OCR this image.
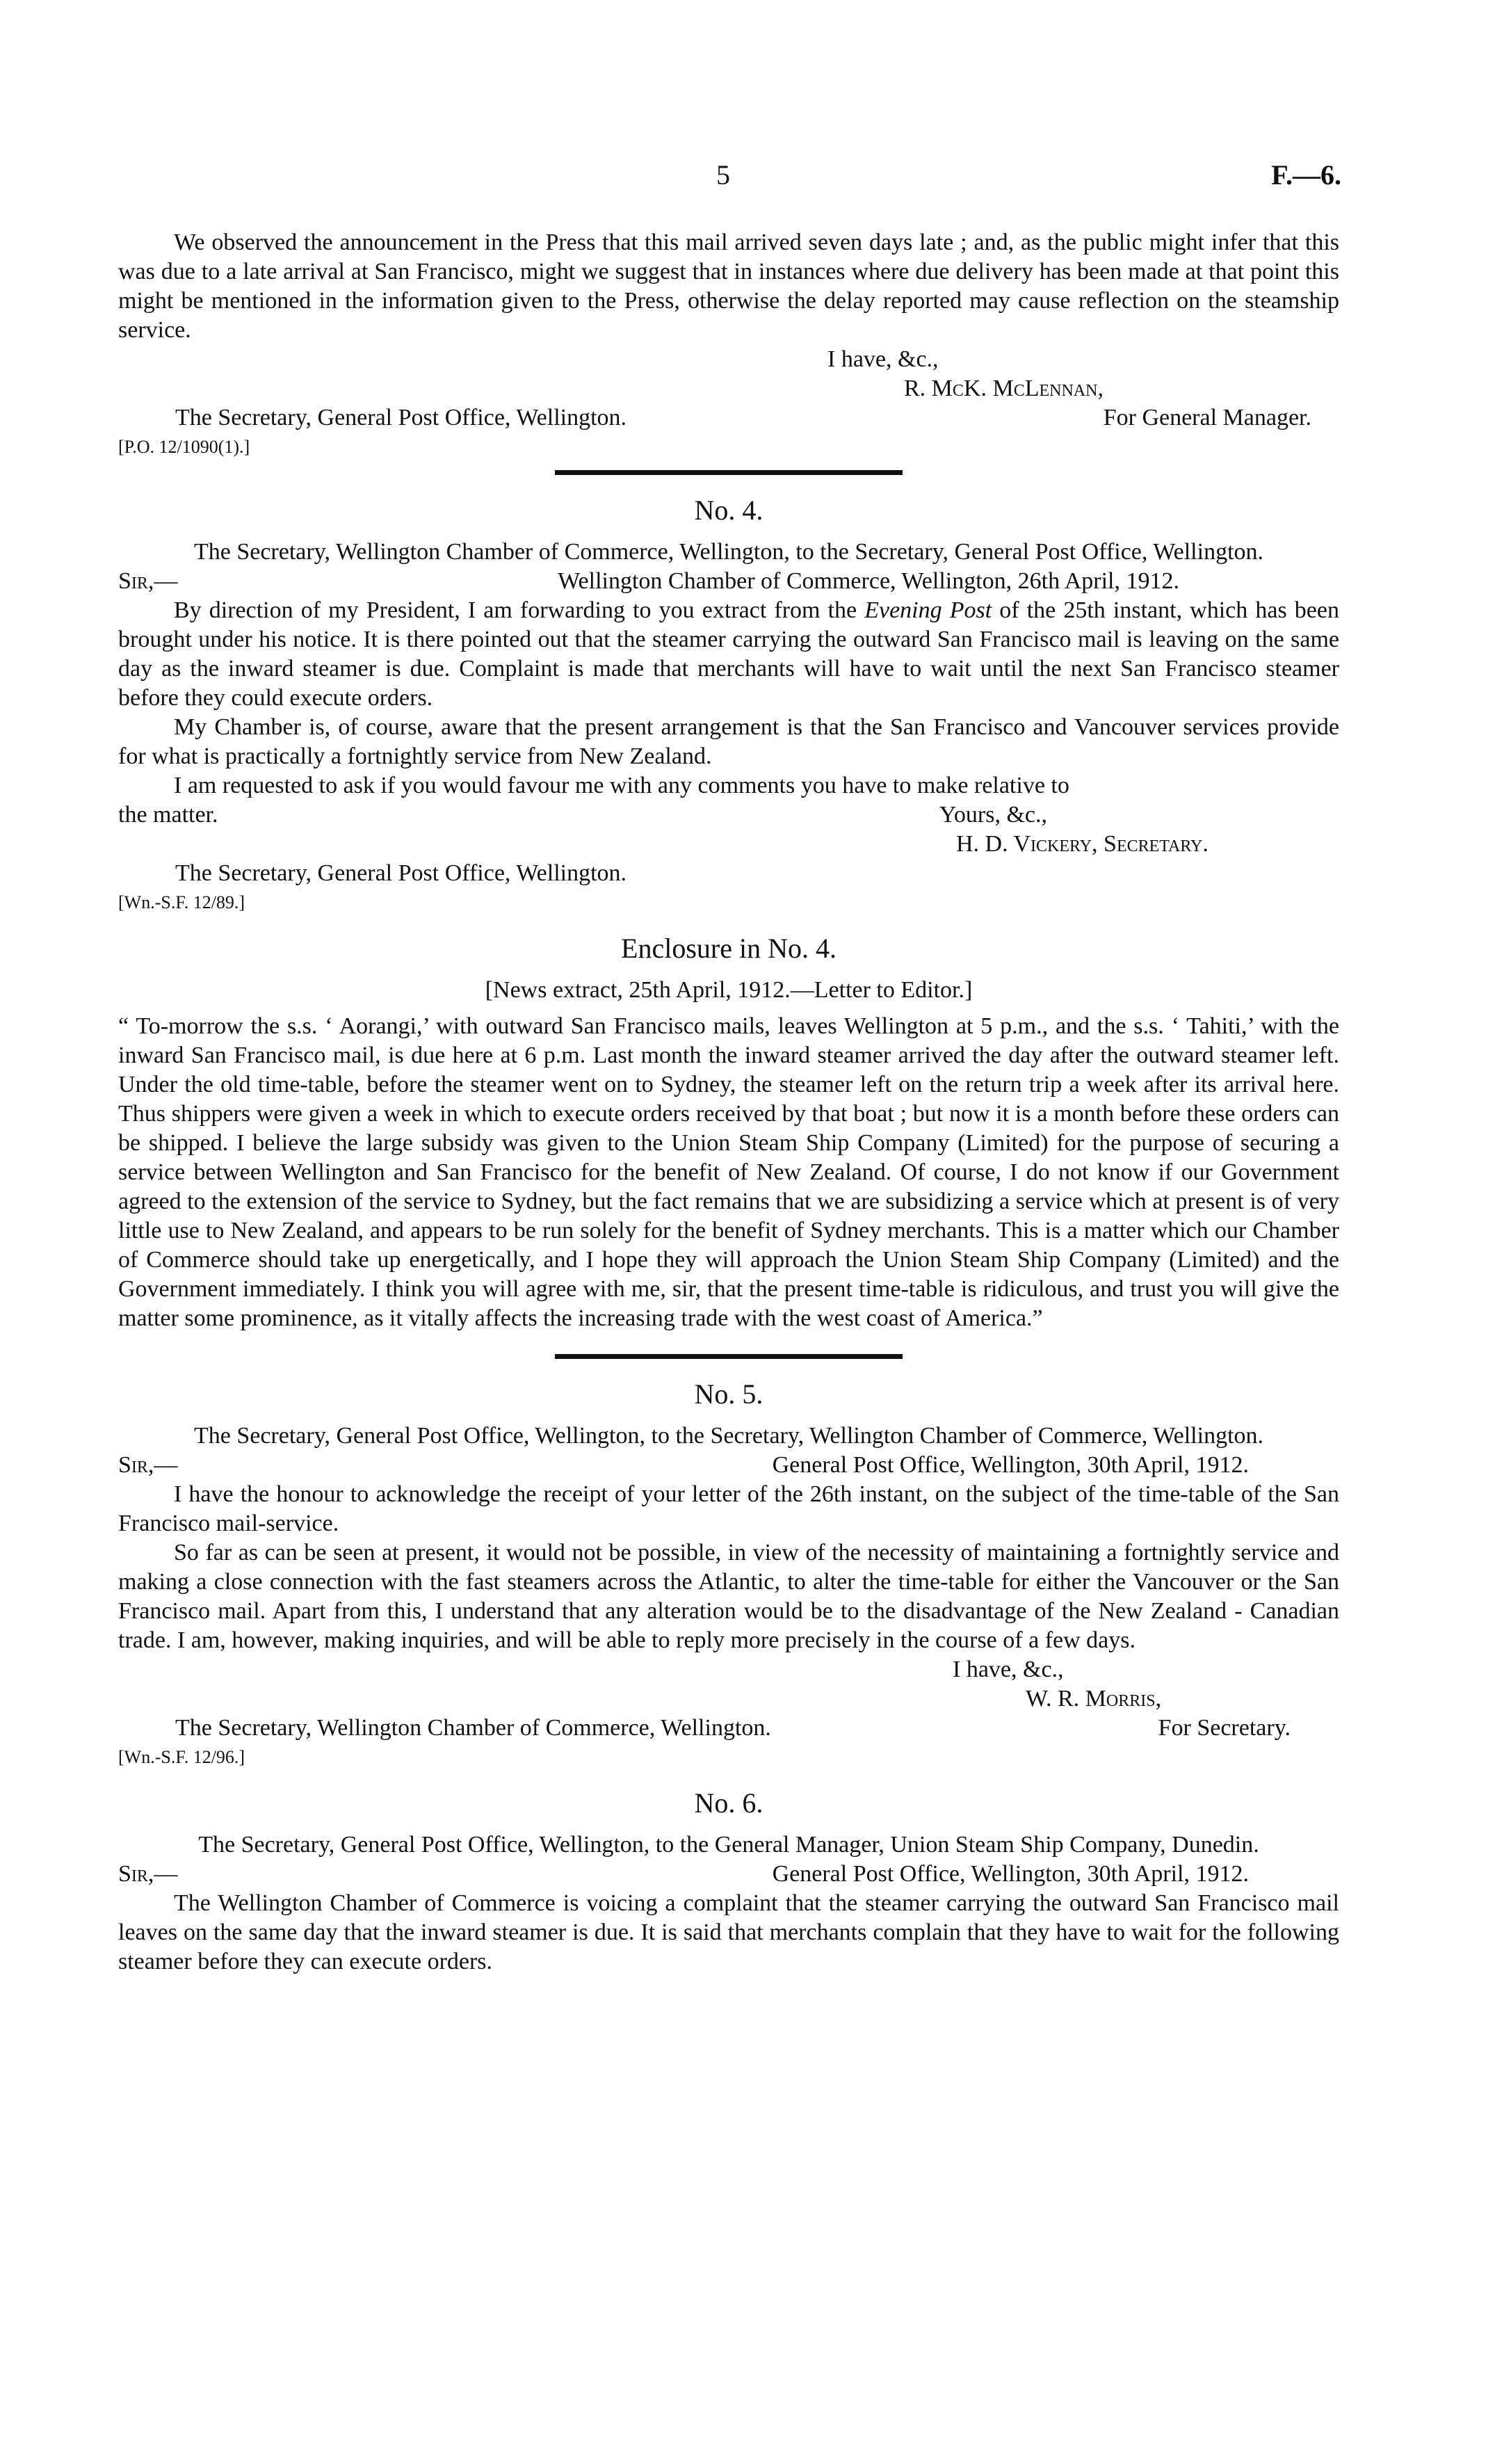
5	F.—6.

We observed the announcement in the Press that this mail arrived seven days late ; and, as the public might infer that this was due to a late arrival at San Francisco, might we suggest that in instances where due delivery has been made at that point this might be mentioned in the information given to the Press, otherwise the delay reported may cause reflection on the steamship service.

I have, &c.,
R. McK. McLennan,
The Secretary, General Post Office, Wellington.	For General Manager.

[P.O. 12/1090(1).]

No. 4.

The Secretary, Wellington Chamber of Commerce, Wellington, to the Secretary, General Post Office, Wellington.

Sir,—	Wellington Chamber of Commerce, Wellington, 26th April, 1912.

By direction of my President, I am forwarding to you extract from the Evening Post of the 25th instant, which has been brought under his notice. It is there pointed out that the steamer carrying the outward San Francisco mail is leaving on the same day as the inward steamer is due. Complaint is made that merchants will have to wait until the next San Francisco steamer before they could execute orders.

My Chamber is, of course, aware that the present arrangement is that the San Francisco and Vancouver services provide for what is practically a fortnightly service from New Zealand.

I am requested to ask if you would favour me with any comments you have to make relative to

the matter.	Yours, &c.,
H. D. Vickery, Secretary.
The Secretary, General Post Office, Wellington.

[Wn.-S.F. 12/89.]

Enclosure in No. 4.
[News extract, 25th April, 1912.—Letter to Editor.]

“ To-morrow the s.s. ‘ Aorangi,’ with outward San Francisco mails, leaves Wellington at 5 p.m., and the s.s. ‘ Tahiti,’ with the inward San Francisco mail, is due here at 6 p.m. Last month the inward steamer arrived the day after the outward steamer left. Under the old time-table, before the steamer went on to Sydney, the steamer left on the return trip a week after its arrival here. Thus shippers were given a week in which to execute orders received by that boat ; but now it is a month before these orders can be shipped. I believe the large subsidy was given to the Union Steam Ship Company (Limited) for the purpose of securing a service between Wellington and San Francisco for the benefit of New Zealand. Of course, I do not know if our Government agreed to the extension of the service to Sydney, but the fact remains that we are subsidizing a service which at present is of very little use to New Zealand, and appears to be run solely for the benefit of Sydney merchants. This is a matter which our Chamber of Commerce should take up energetically, and I hope they will approach the Union Steam Ship Company (Limited) and the Government immediately. I think you will agree with me, sir, that the present time-table is ridiculous, and trust you will give the matter some prominence, as it vitally affects the increasing trade with the west coast of America.”

No. 5.

The Secretary, General Post Office, Wellington, to the Secretary, Wellington Chamber of Commerce, Wellington.

Sir,—	General Post Office, Wellington, 30th April, 1912.

I have the honour to acknowledge the receipt of your letter of the 26th instant, on the subject of the time-table of the San Francisco mail-service.

So far as can be seen at present, it would not be possible, in view of the necessity of maintaining a fortnightly service and making a close connection with the fast steamers across the Atlantic, to alter the time-table for either the Vancouver or the San Francisco mail. Apart from this, I understand that any alteration would be to the disadvantage of the New Zealand - Canadian trade. I am, however, making inquiries, and will be able to reply more precisely in the course of a few days.

I have, &c.,
W. R. Morris,
The Secretary, Wellington Chamber of Commerce, Wellington.	For Secretary.

[Wn.-S.F. 12/96.]

No. 6.

The Secretary, General Post Office, Wellington, to the General Manager, Union Steam Ship Company, Dunedin.

Sir,—	General Post Office, Wellington, 30th April, 1912.

The Wellington Chamber of Commerce is voicing a complaint that the steamer carrying the outward San Francisco mail leaves on the same day that the inward steamer is due. It is said that merchants complain that they have to wait for the following steamer before they can execute orders.
